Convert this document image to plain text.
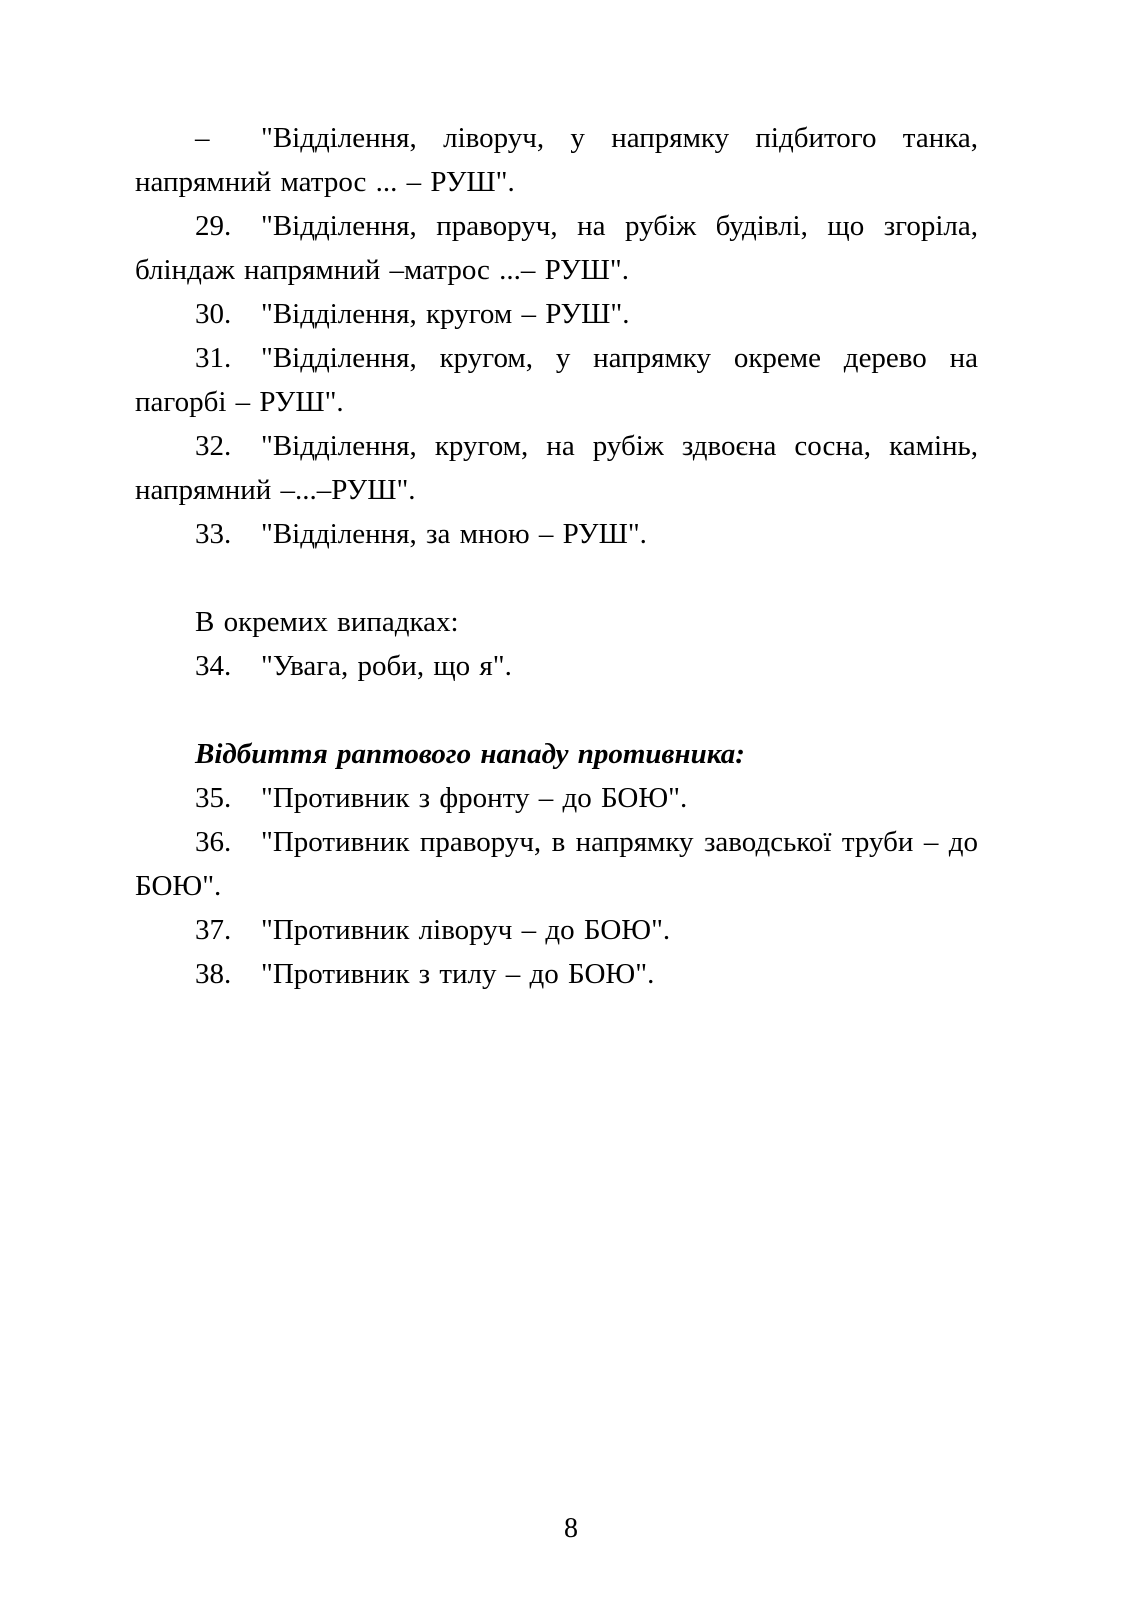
– "Відділення, ліворуч, у напрямку підбитого танка, напрямний матрос ... – РУШ".

29. "Відділення, праворуч, на рубіж будівлі, що згоріла, бліндаж напрямний –матрос ...– РУШ".

30. "Відділення, кругом – РУШ".

31. "Відділення, кругом, у напрямку окреме дерево на пагорбі – РУШ".

32. "Відділення, кругом, на рубіж здвоєна сосна, камінь, напрямний –...–РУШ".

33. "Відділення, за мною – РУШ".

В окремих випадках:

34. "Увага, роби, що я".

Відбиття раптового нападу противника:

35. "Противник з фронту – до БОЮ".

36. "Противник праворуч, в напрямку заводської труби – до БОЮ".

37. "Противник ліворуч – до БОЮ".

38. "Противник з тилу – до БОЮ".

8
